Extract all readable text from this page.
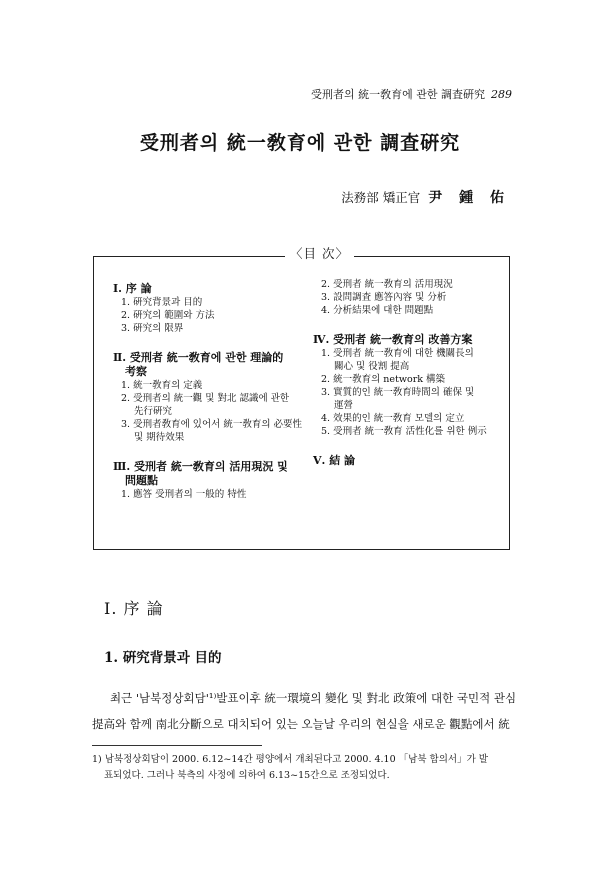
受刑者의 統一敎育에 관한 調査硏究 289
受刑者의 統一敎育에 관한 調査硏究
法務部 矯正官 尹 鍾 佑
〈目 次〉
Ⅰ. 序 論
1. 硏究背景과 目的
2. 硏究의 範圍와 方法
3. 硏究의 限界
Ⅱ. 受刑者 統一敎育에 관한 理論的
考察
1. 統一敎育의 定義
2. 受刑者의 統一觀 및 對北 認識에 관한
先行硏究
3. 受刑者敎育에 있어서 統一敎育의 必要性
및 期待效果
Ⅲ. 受刑者 統一敎育의 活用現況 및
問題點
1. 應答 受刑者의 一般的 特性
2. 受刑者 統一敎育의 活用現況
3. 設問調査 應答內容 및 分析
4. 分析結果에 대한 問題點
Ⅳ. 受刑者 統一敎育의 改善方案
1. 受刑者 統一敎育에 대한 機關長의
關心 및 役割 提高
2. 統一敎育의 network 構築
3. 實質的인 統一敎育時間의 確保 및
運營
4. 效果的인 統一敎育 모델의 定立
5. 受刑者 統一敎育 活性化를 위한 例示
Ⅴ. 結 論
Ⅰ. 序 論
1. 硏究背景과 目的

최근 '남북정상회담'¹⁾발표이후 統一環境의 變化 및 對北 政策에 대한 국민적 관심 提高와 함께 南北分斷으로 대치되어 있는 오늘날 우리의 현실을 새로운 觀點에서 統

1) 남북정상회담이 2000. 6.12~14간 평양에서 개최된다고 2000. 4.10 「남북 합의서」가 발
표되었다. 그러나 북측의 사정에 의하여 6.13~15간으로 조정되었다.
